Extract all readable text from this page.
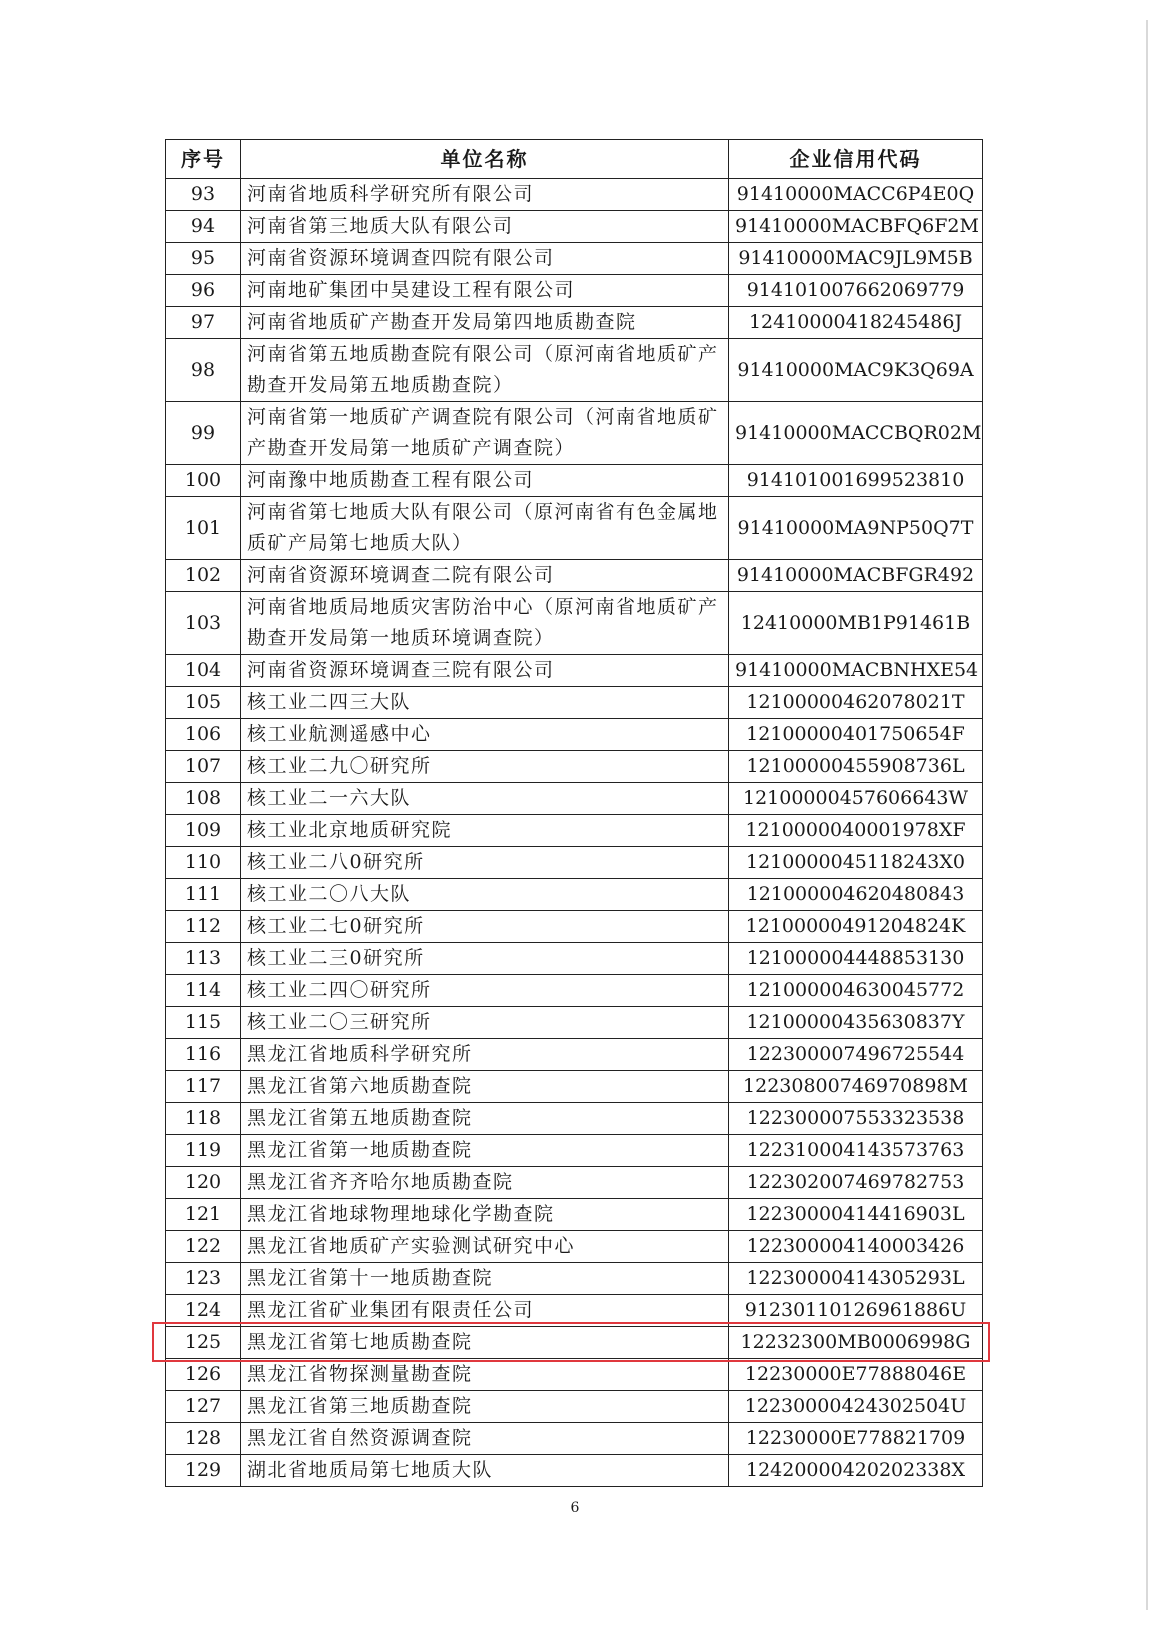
序号	单位名称	企业信用代码
93	河南省地质科学研究所有限公司	91410000MACC6P4E0Q
94	河南省第三地质大队有限公司	91410000MACBFQ6F2M
95	河南省资源环境调查四院有限公司	91410000MAC9JL9M5B
96	河南地矿集团中昊建设工程有限公司	914101007662069779
97	河南省地质矿产勘查开发局第四地质勘查院	12410000418245486J
98	河南省第五地质勘查院有限公司（原河南省地质矿产勘查开发局第五地质勘查院）	91410000MAC9K3Q69A
99	河南省第一地质矿产调查院有限公司（河南省地质矿产勘查开发局第一地质矿产调查院）	91410000MACCBQR02M
100	河南豫中地质勘查工程有限公司	914101001699523810
101	河南省第七地质大队有限公司（原河南省有色金属地质矿产局第七地质大队）	91410000MA9NP50Q7T
102	河南省资源环境调查二院有限公司	91410000MACBFGR492
103	河南省地质局地质灾害防治中心（原河南省地质矿产勘查开发局第一地质环境调查院）	12410000MB1P91461B
104	河南省资源环境调查三院有限公司	91410000MACBNHXE54
105	核工业二四三大队	12100000462078021T
106	核工业航测遥感中心	12100000401750654F
107	核工业二九〇研究所	12100000455908736L
108	核工业二一六大队	12100000457606643W
109	核工业北京地质研究院	1210000040001978XF
110	核工业二八0研究所	1210000045118243X0
111	核工业二〇八大队	121000004620480843
112	核工业二七0研究所	12100000491204824K
113	核工业二三0研究所	121000004448853130
114	核工业二四〇研究所	121000004630045772
115	核工业二〇三研究所	12100000435630837Y
116	黑龙江省地质科学研究所	122300007496725544
117	黑龙江省第六地质勘查院	12230800746970898M
118	黑龙江省第五地质勘查院	122300007553323538
119	黑龙江省第一地质勘查院	122310004143573763
120	黑龙江省齐齐哈尔地质勘查院	122302007469782753
121	黑龙江省地球物理地球化学勘查院	12230000414416903L
122	黑龙江省地质矿产实验测试研究中心	122300004140003426
123	黑龙江省第十一地质勘查院	12230000414305293L
124	黑龙江省矿业集团有限责任公司	91230110126961886U
125	黑龙江省第七地质勘查院	12232300MB0006998G
126	黑龙江省物探测量勘查院	12230000E77888046E
127	黑龙江省第三地质勘查院	12230000424302504U
128	黑龙江省自然资源调查院	12230000E778821709
129	湖北省地质局第七地质大队	12420000420202338X
6
